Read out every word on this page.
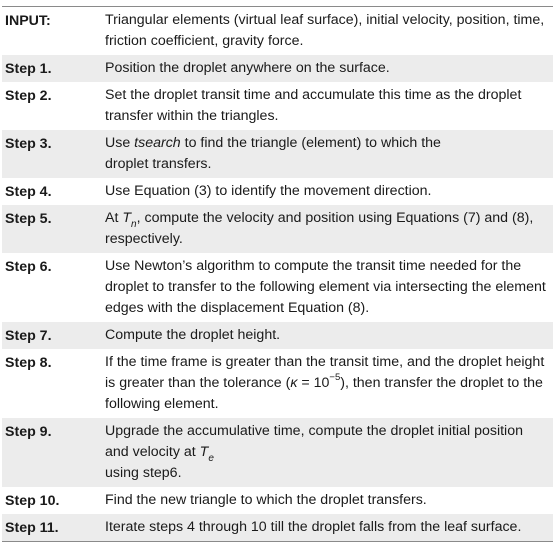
INPUT:	Triangular elements (virtual leaf surface), initial velocity, position, time, friction coefficient, gravity force.
Step 1.	Position the droplet anywhere on the surface.
Step 2.	Set the droplet transit time and accumulate this time as the droplet transfer within the triangles.
Step 3.	Use tsearch to find the triangle (element) to which the
droplet transfers.
Step 4.	Use Equation (3) to identify the movement direction.
Step 5.	At $T_n$, compute the velocity and position using Equations (7) and (8), respectively.
Step 6.	Use Newton’s algorithm to compute the transit time needed for the droplet to transfer to the following element via intersecting the element edges with the displacement Equation (8).
Step 7.	Compute the droplet height.
Step 8.	If the time frame is greater than the transit time, and the droplet height is greater than the tolerance $(\kappa = 10^{-5})$, then transfer the droplet to the following element.
Step 9.	Upgrade the accumulative time, compute the droplet initial position and velocity at $T_e$
using step6.
Step 10.	Find the new triangle to which the droplet transfers.
Step 11.	Iterate steps 4 through 10 till the droplet falls from the leaf surface.
